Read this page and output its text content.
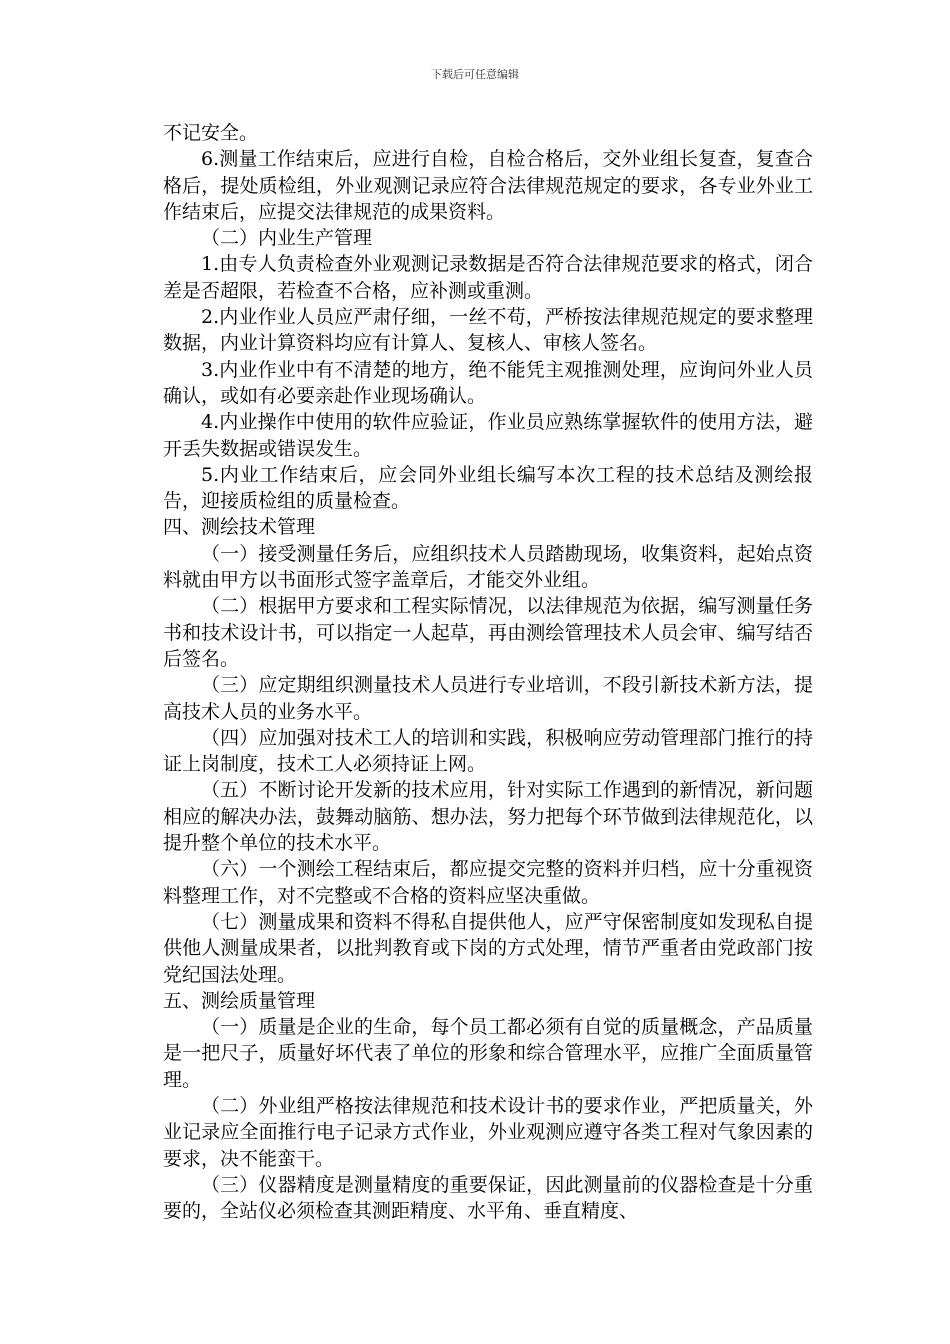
下载后可任意编辑

不记安全。

6.测量工作结束后，应进行自检，自检合格后，交外业组长复查，复查合格后，提处质检组，外业观测记录应符合法律规范规定的要求，各专业外业工作结束后，应提交法律规范的成果资料。

（二）内业生产管理

1.由专人负责检查外业观测记录数据是否符合法律规范要求的格式，闭合差是否超限，若检查不合格，应补测或重测。

2.内业作业人员应严肃仔细，一丝不苟，严桥按法律规范规定的要求整理数据，内业计算资料均应有计算人、复核人、审核人签名。

3.内业作业中有不清楚的地方，绝不能凭主观推测处理，应询问外业人员确认，或如有必要亲赴作业现场确认。

4.内业操作中使用的软件应验证，作业员应熟练掌握软件的使用方法，避开丢失数据或错误发生。

5.内业工作结束后，应会同外业组长编写本次工程的技术总结及测绘报告，迎接质检组的质量检查。

四、测绘技术管理

（一）接受测量任务后，应组织技术人员踏勘现场，收集资料，起始点资料就由甲方以书面形式签字盖章后，才能交外业组。

（二）根据甲方要求和工程实际情况，以法律规范为依据，编写测量任务书和技术设计书，可以指定一人起草，再由测绘管理技术人员会审、编写结否后签名。

（三）应定期组织测量技术人员进行专业培训，不段引新技术新方法，提高技术人员的业务水平。

（四）应加强对技术工人的培训和实践，积极响应劳动管理部门推行的持证上岗制度，技术工人必须持证上网。

（五）不断讨论开发新的技术应用，针对实际工作遇到的新情况，新问题相应的解决办法，鼓舞动脑筋、想办法，努力把每个环节做到法律规范化，以提升整个单位的技术水平。

（六）一个测绘工程结束后，都应提交完整的资料并归档，应十分重视资料整理工作，对不完整或不合格的资料应坚决重做。

（七）测量成果和资料不得私自提供他人，应严守保密制度如发现私自提供他人测量成果者，以批判教育或下岗的方式处理，情节严重者由党政部门按党纪国法处理。

五、测绘质量管理

（一）质量是企业的生命，每个员工都必须有自觉的质量概念，产品质量是一把尺子，质量好坏代表了单位的形象和综合管理水平，应推广全面质量管理。

（二）外业组严格按法律规范和技术设计书的要求作业，严把质量关，外业记录应全面推行电子记录方式作业，外业观测应遵守各类工程对气象因素的要求，决不能蛮干。

（三）仪器精度是测量精度的重要保证，因此测量前的仪器检查是十分重要的，全站仪必须检查其测距精度、水平角、垂直精度、
